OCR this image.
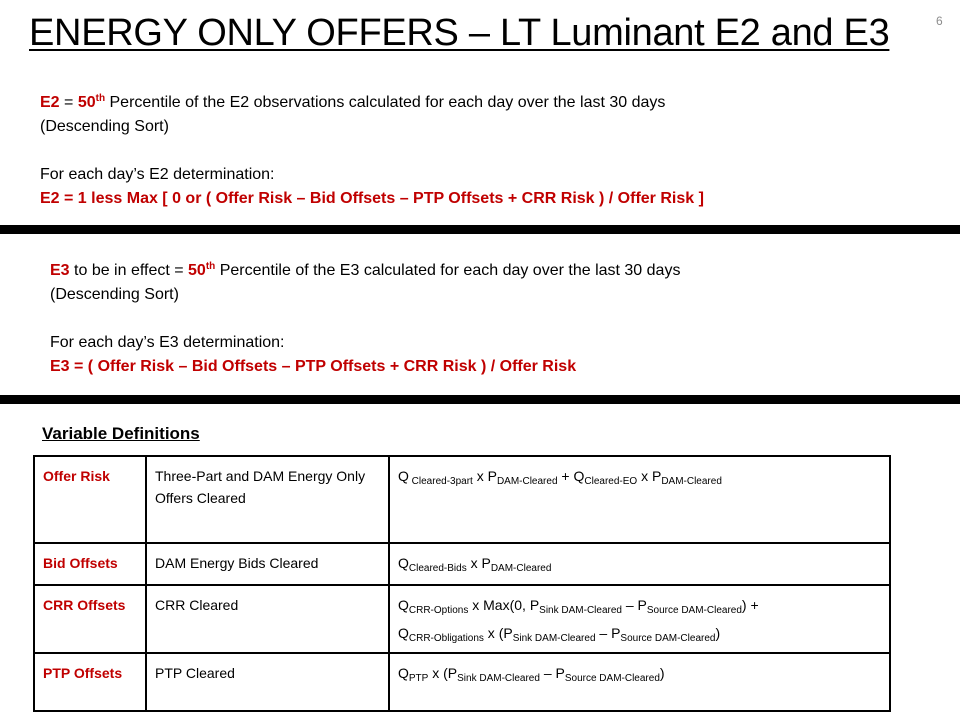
ENERGY ONLY OFFERS – LT Luminant E2 and E3	6
E2 = 50th Percentile of the E2 observations calculated for each day over the last 30 days
(Descending Sort)
For each day’s E2 determination:
E2 = 1 less Max [ 0 or ( Offer Risk – Bid Offsets – PTP Offsets + CRR Risk ) / Offer Risk ]
E3 to be in effect = 50th Percentile of the E3 calculated for each day over the last 30 days
(Descending Sort)
For each day’s E3 determination:
E3 = ( Offer Risk – Bid Offsets – PTP Offsets + CRR Risk ) / Offer Risk
Variable Definitions
Offer Risk	Three-Part and DAM Energy Only Offers Cleared	Q $_{Cleared-3part}$ x $P_{DAM-Cleared} + Q_{Cleared-EO}$ x $P_{DAM-Cleared}$
Bid Offsets	DAM Energy Bids Cleared	$Q_{Cleared-Bids}$ x $P_{DAM-Cleared}$
CRR Offsets	CRR Cleared	$Q_{CRR-Options}$ x Max(0, $P_{Sink DAM-Cleared} - P_{Source DAM-Cleared}$) +
$Q_{CRR-Obligations}$ x $(P_{Sink DAM-Cleared} - P_{Source DAM-Cleared})$

PTP Offsets	PTP Cleared	$Q_{PTP}$ x $(P_{Sink DAM-Cleared} - P_{Source DAM-Cleared})$
